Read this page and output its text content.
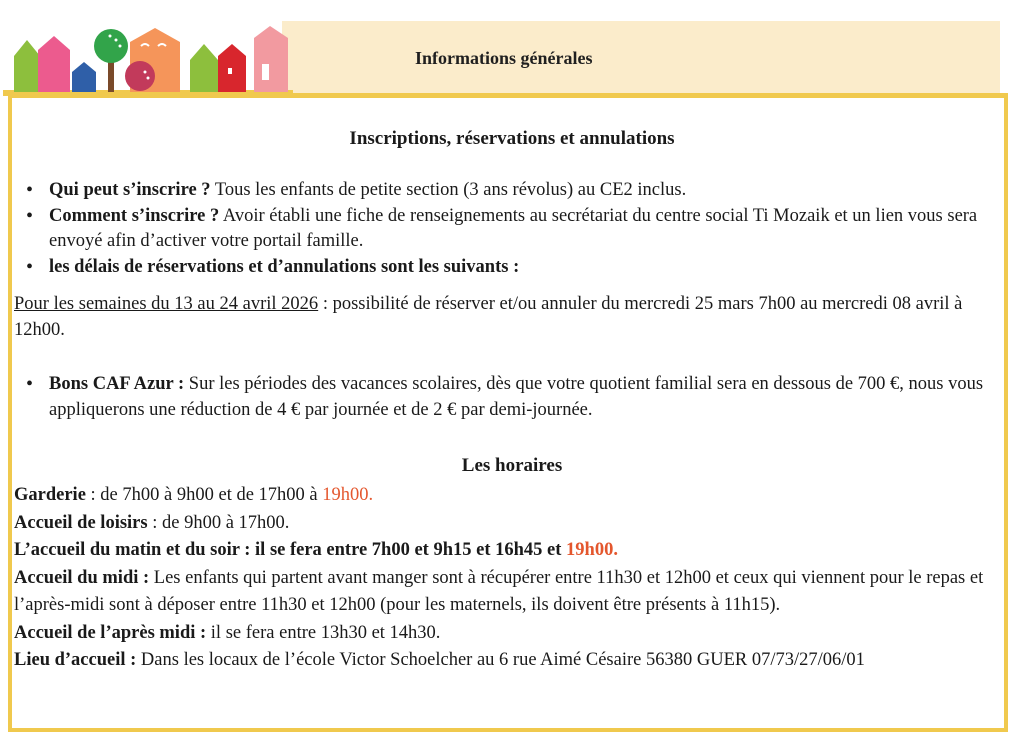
Informations générales
Inscriptions, réservations et annulations
• Qui peut s’inscrire ? Tous les enfants de petite section (3 ans révolus) au CE2 inclus.
• Comment s’inscrire ? Avoir établi une fiche de renseignements au secrétariat du centre social Ti Mozaik et un lien vous sera envoyé afin d’activer votre portail famille.
• les délais de réservations et d’annulations sont les suivants :
Pour les semaines du 13 au 24 avril 2026 : possibilité de réserver et/ou annuler du mercredi 25 mars 7h00 au mercredi 08 avril à 12h00.
• Bons CAF Azur : Sur les périodes des vacances scolaires, dès que votre quotient familial sera en dessous de 700 €, nous vous appliquerons une réduction de 4 € par journée et de 2 € par demi-journée.
Les horaires

Garderie : de 7h00 à 9h00 et de 17h00 à 19h00.

Accueil de loisirs : de 9h00 à 17h00.

L’accueil du matin et du soir : il se fera entre 7h00 et 9h15 et 16h45 et 19h00.

Accueil du midi : Les enfants qui partent avant manger sont à récupérer entre 11h30 et 12h00 et ceux qui viennent pour le repas et l’après-midi sont à déposer entre 11h30 et 12h00 (pour les maternels, ils doivent être présents à 11h15).

Accueil de l’après midi : il se fera entre 13h30 et 14h30.

Lieu d’accueil : Dans les locaux de l’école Victor Schoelcher au 6 rue Aimé Césaire 56380 GUER 07/73/27/06/01
